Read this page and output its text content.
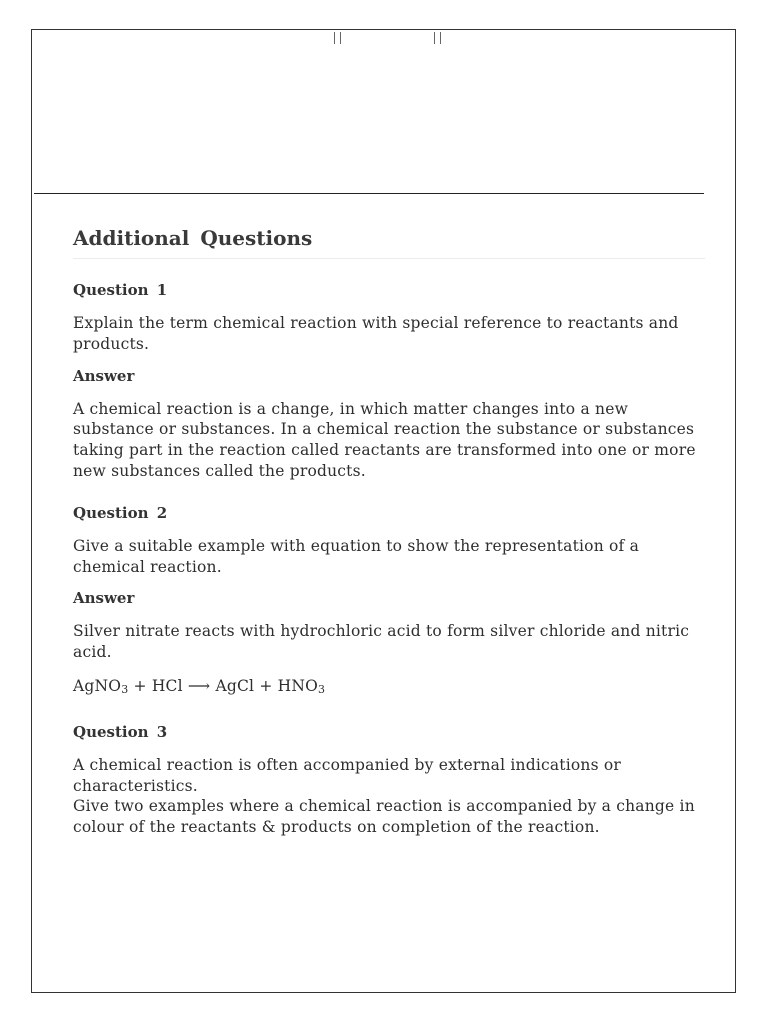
Additional Questions
Question 1

Explain the term chemical reaction with special reference to reactants and products.

Answer

A chemical reaction is a change, in which matter changes into a new substance or substances. In a chemical reaction the substance or substances taking part in the reaction called reactants are transformed into one or more new substances called the products.

Question 2

Give a suitable example with equation to show the representation of a chemical reaction.

Answer

Silver nitrate reacts with hydrochloric acid to form silver chloride and nitric acid.

AgNO$_3$ + HCl ⟶ AgCl + $HNO_3$

Question 3

A chemical reaction is often accompanied by external indications or characteristics.

Give two examples where a chemical reaction is accompanied by a change in colour of the reactants & products on completion of the reaction.
